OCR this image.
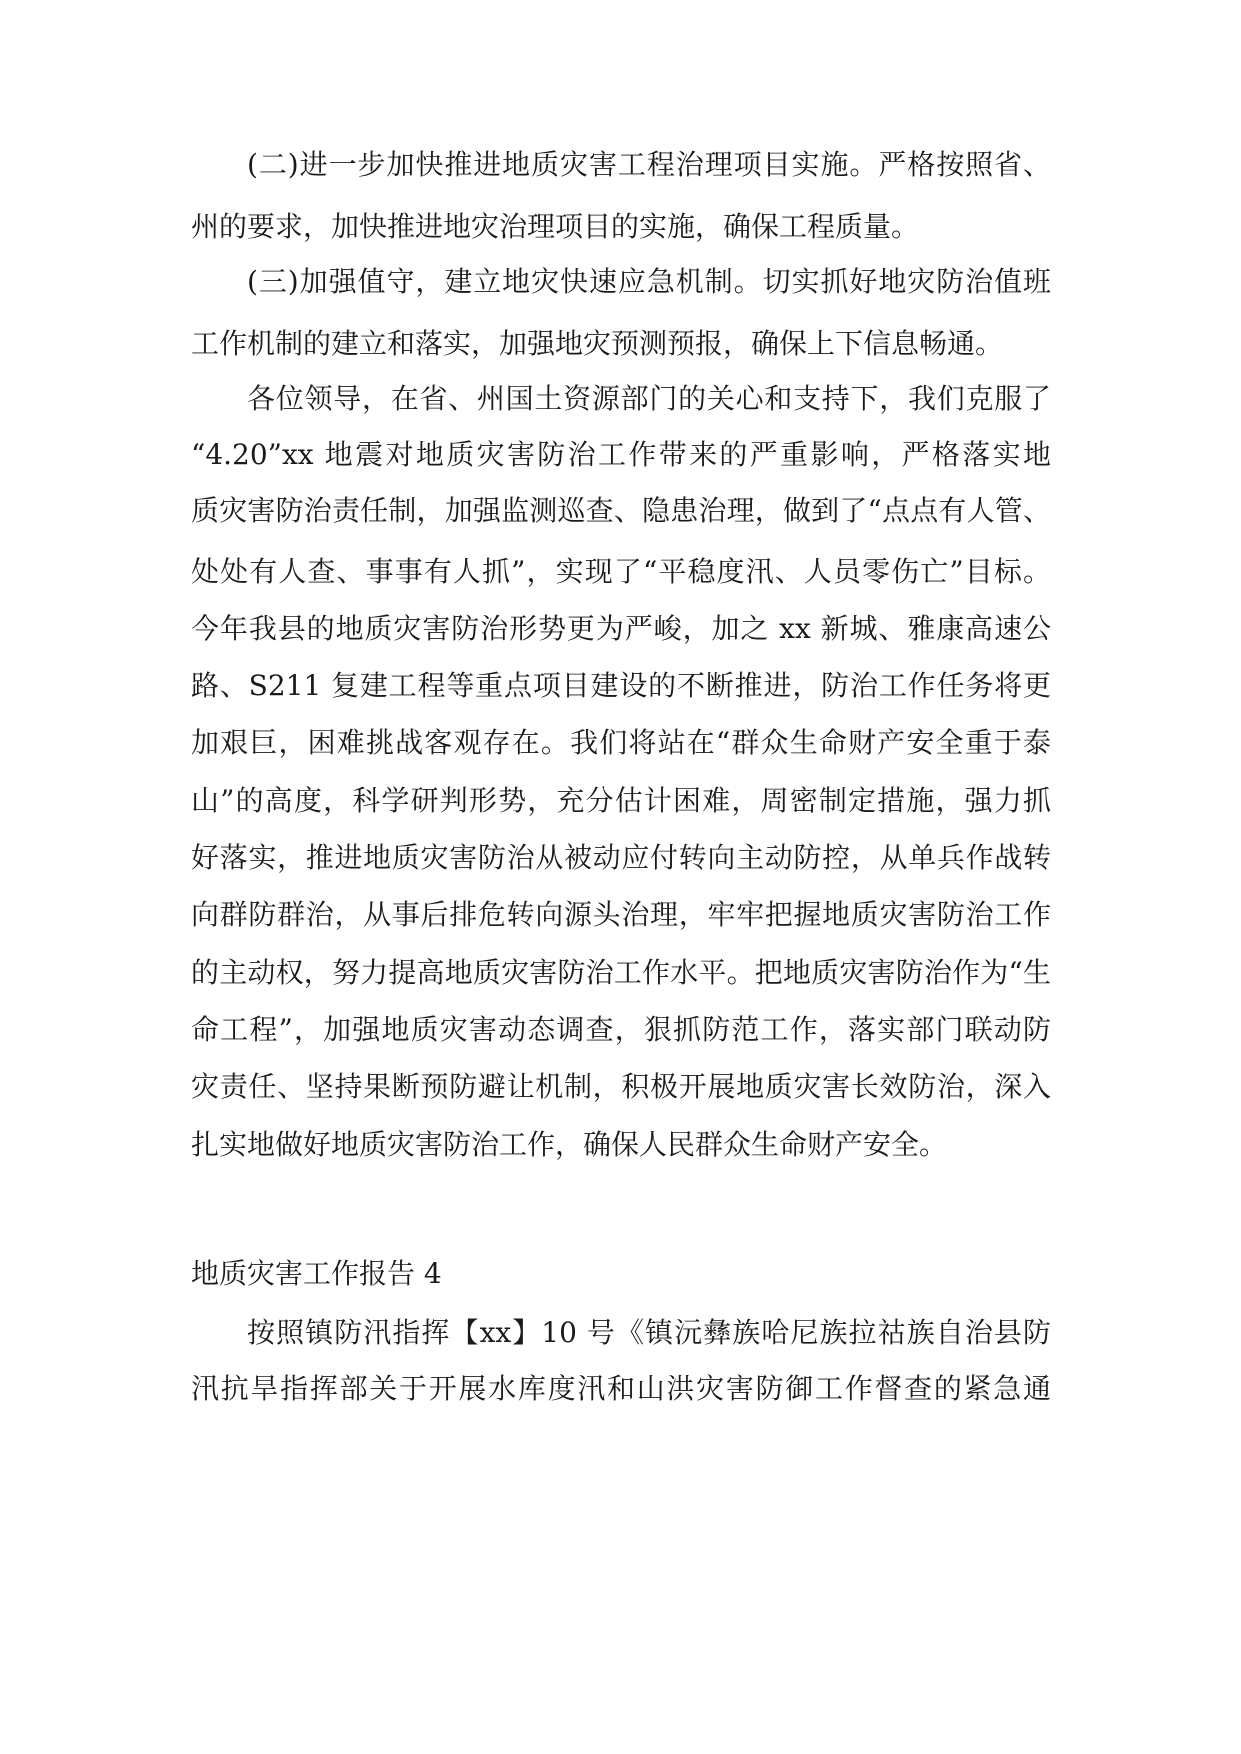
(二)进一步加快推进地质灾害工程治理项目实施。严格按照省、
州的要求，加快推进地灾治理项目的实施，确保工程质量。
(三)加强值守，建立地灾快速应急机制。切实抓好地灾防治值班
工作机制的建立和落实，加强地灾预测预报，确保上下信息畅通。
各位领导，在省、州国土资源部门的关心和支持下，我们克服了
“4.20”xx 地震对地质灾害防治工作带来的严重影响，严格落实地
质灾害防治责任制，加强监测巡查、隐患治理，做到了“点点有人管、
处处有人查、事事有人抓”，实现了“平稳度汛、人员零伤亡”目标。
今年我县的地质灾害防治形势更为严峻，加之 xx 新城、雅康高速公
路、S211 复建工程等重点项目建设的不断推进，防治工作任务将更
加艰巨，困难挑战客观存在。我们将站在“群众生命财产安全重于泰
山”的高度，科学研判形势，充分估计困难，周密制定措施，强力抓
好落实，推进地质灾害防治从被动应付转向主动防控，从单兵作战转
向群防群治，从事后排危转向源头治理，牢牢把握地质灾害防治工作
的主动权，努力提高地质灾害防治工作水平。把地质灾害防治作为“生
命工程”，加强地质灾害动态调查，狠抓防范工作，落实部门联动防
灾责任、坚持果断预防避让机制，积极开展地质灾害长效防治，深入
扎实地做好地质灾害防治工作，确保人民群众生命财产安全。
地质灾害工作报告 4
按照镇防汛指挥【xx】10 号《镇沅彝族哈尼族拉祜族自治县防
汛抗旱指挥部关于开展水库度汛和山洪灾害防御工作督查的紧急通
